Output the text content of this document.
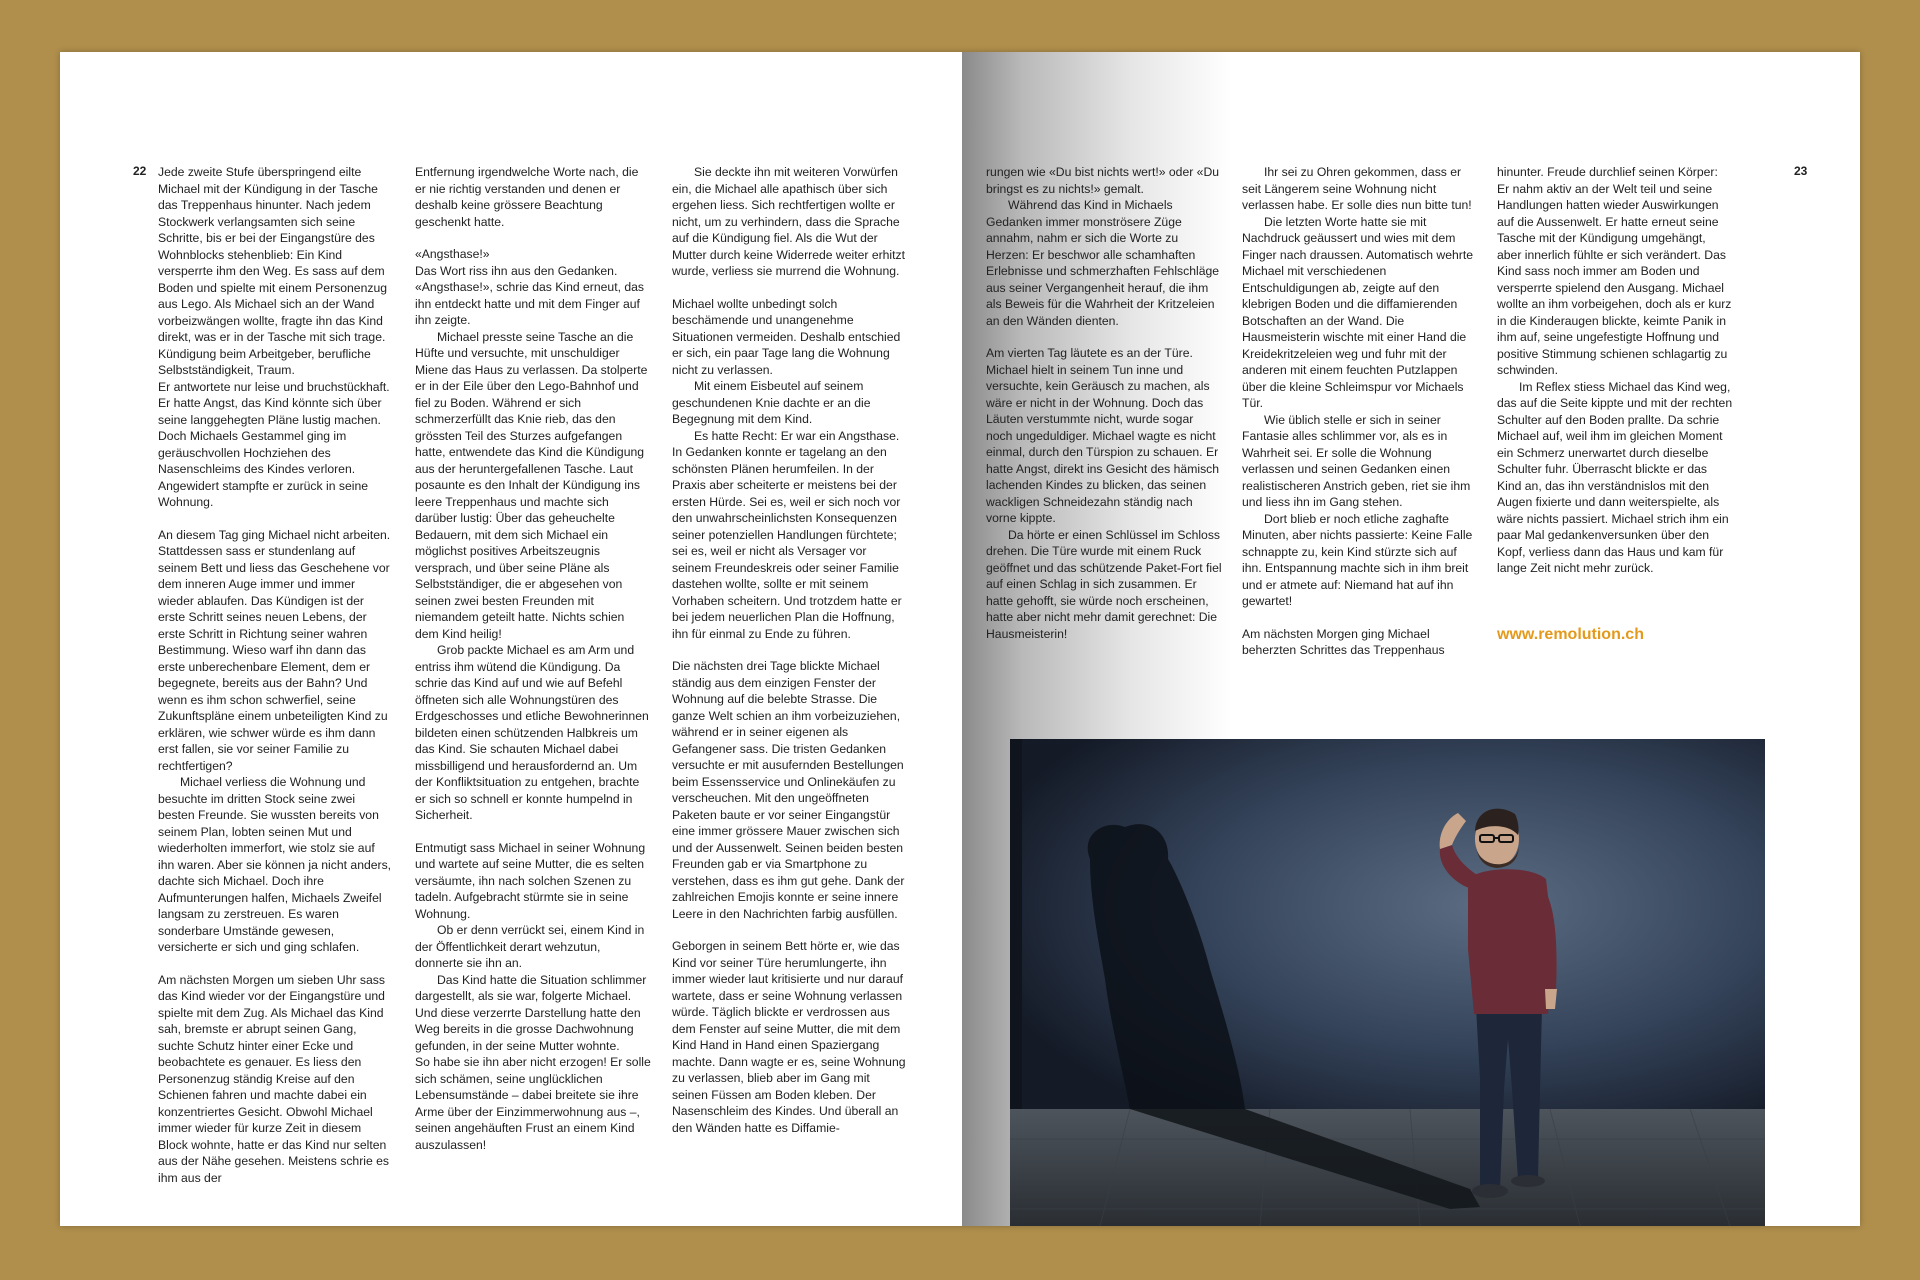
22 Jede zweite Stufe überspringend eilte Michael mit der Kündigung in der Tasche das Treppenhaus hinunter. Nach jedem Stockwerk verlangsamten sich seine Schritte, bis er bei der Eingangstüre des Wohnblocks stehenblieb: Ein Kind versperrte ihm den Weg. Es sass auf dem Boden und spielte mit einem Personenzug aus Lego. Als Michael sich an der Wand vorbeizwängen wollte, fragte ihn das Kind direkt, was er in der Tasche mit sich trage. Kündigung beim Arbeitgeber, berufliche Selbstständigkeit, Traum.

Er antwortete nur leise und bruchstückhaft. Er hatte Angst, das Kind könnte sich über seine langgehegten Pläne lustig machen. Doch Michaels Gestammel ging im geräuschvollen Hochziehen des Nasenschleims des Kindes verloren. Angewidert stampfte er zurück in seine Wohnung.

An diesem Tag ging Michael nicht arbeiten. Stattdessen sass er stundenlang auf seinem Bett und liess das Geschehene vor dem inneren Auge immer und immer wieder ablaufen. Das Kündigen ist der erste Schritt seines neuen Lebens, der erste Schritt in Richtung seiner wahren Bestimmung. Wieso warf ihn dann das erste unberechenbare Element, dem er begegnete, bereits aus der Bahn? Und wenn es ihm schon schwerfiel, seine Zukunftspläne einem unbeteiligten Kind zu erklären, wie schwer würde es ihm dann erst fallen, sie vor seiner Familie zu rechtfertigen?

Michael verliess die Wohnung und besuchte im dritten Stock seine zwei besten Freunde. Sie wussten bereits von seinem Plan, lobten seinen Mut und wiederholten immerfort, wie stolz sie auf ihn waren. Aber sie können ja nicht anders, dachte sich Michael. Doch ihre Aufmunterungen halfen, Michaels Zweifel langsam zu zerstreuen. Es waren sonderbare Umstände gewesen, versicherte er sich und ging schlafen.

Am nächsten Morgen um sieben Uhr sass das Kind wieder vor der Eingangstüre und spielte mit dem Zug. Als Michael das Kind sah, bremste er abrupt seinen Gang, suchte Schutz hinter einer Ecke und beobachtete es genauer. Es liess den Personenzug ständig Kreise auf den Schienen fahren und machte dabei ein konzentriertes Gesicht. Obwohl Michael immer wieder für kurze Zeit in diesem Block wohnte, hatte er das Kind nur selten aus der Nähe gesehen. Meistens schrie es ihm aus der

Entfernung irgendwelche Worte nach, die er nie richtig verstanden und denen er deshalb keine grössere Beachtung geschenkt hatte.

«Angsthase!»

Das Wort riss ihn aus den Gedanken. «Angsthase!», schrie das Kind erneut, das ihn entdeckt hatte und mit dem Finger auf ihn zeigte.

Michael presste seine Tasche an die Hüfte und versuchte, mit unschuldiger Miene das Haus zu verlassen. Da stolperte er in der Eile über den Lego-Bahnhof und fiel zu Boden. Während er sich schmerzerfüllt das Knie rieb, das den grössten Teil des Sturzes aufgefangen hatte, entwendete das Kind die Kündigung aus der heruntergefallenen Tasche. Laut posaunte es den Inhalt der Kündigung ins leere Treppenhaus und machte sich darüber lustig: Über das geheuchelte Bedauern, mit dem sich Michael ein möglichst positives Arbeitszeugnis versprach, und über seine Pläne als Selbstständiger, die er abgesehen von seinen zwei besten Freunden mit niemandem geteilt hatte. Nichts schien dem Kind heilig!

Grob packte Michael es am Arm und entriss ihm wütend die Kündigung. Da schrie das Kind auf und wie auf Befehl öffneten sich alle Wohnungstüren des Erdgeschosses und etliche Bewohnerinnen bildeten einen schützenden Halbkreis um das Kind. Sie schauten Michael dabei missbilligend und herausfordernd an. Um der Konfliktsituation zu entgehen, brachte er sich so schnell er konnte humpelnd in Sicherheit.

Entmutigt sass Michael in seiner Wohnung und wartete auf seine Mutter, die es selten versäumte, ihn nach solchen Szenen zu tadeln. Aufgebracht stürmte sie in seine Wohnung.

Ob er denn verrückt sei, einem Kind in der Öffentlichkeit derart wehzutun, donnerte sie ihn an.

Das Kind hatte die Situation schlimmer dargestellt, als sie war, folgerte Michael. Und diese verzerrte Darstellung hatte den Weg bereits in die grosse Dachwohnung gefunden, in der seine Mutter wohnte.

So habe sie ihn aber nicht erzogen! Er solle sich schämen, seine unglücklichen Lebensumstände – dabei breitete sie ihre Arme über der Einzimmerwohnung aus –, seinen angehäuften Frust an einem Kind auszulassen!

Sie deckte ihn mit weiteren Vorwürfen ein, die Michael alle apathisch über sich ergehen liess. Sich rechtfertigen wollte er nicht, um zu verhindern, dass die Sprache auf die Kündigung fiel. Als die Wut der Mutter durch keine Widerrede weiter erhitzt wurde, verliess sie murrend die Wohnung.

Michael wollte unbedingt solch beschämende und unangenehme Situationen vermeiden. Deshalb entschied er sich, ein paar Tage lang die Wohnung nicht zu verlassen.

Mit einem Eisbeutel auf seinem geschundenen Knie dachte er an die Begegnung mit dem Kind.

Es hatte Recht: Er war ein Angsthase. In Gedanken konnte er tagelang an den schönsten Plänen herumfeilen. In der Praxis aber scheiterte er meistens bei der ersten Hürde. Sei es, weil er sich noch vor den unwahrscheinlichsten Konsequenzen seiner potenziellen Handlungen fürchtete; sei es, weil er nicht als Versager vor seinem Freundeskreis oder seiner Familie dastehen wollte, sollte er mit seinem Vorhaben scheitern. Und trotzdem hatte er bei jedem neuerlichen Plan die Hoffnung, ihn für einmal zu Ende zu führen.

Die nächsten drei Tage blickte Michael ständig aus dem einzigen Fenster der Wohnung auf die belebte Strasse. Die ganze Welt schien an ihm vorbeizuziehen, während er in seiner eigenen als Gefangener sass. Die tristen Gedanken versuchte er mit ausufernden Bestellungen beim Essensservice und Onlinekäufen zu verscheuchen. Mit den ungeöffneten Paketen baute er vor seiner Eingangstür eine immer grössere Mauer zwischen sich und der Aussenwelt. Seinen beiden besten Freunden gab er via Smartphone zu verstehen, dass es ihm gut gehe. Dank der zahlreichen Emojis konnte er seine innere Leere in den Nachrichten farbig ausfüllen.

Geborgen in seinem Bett hörte er, wie das Kind vor seiner Türe herumlungerte, ihn immer wieder laut kritisierte und nur darauf wartete, dass er seine Wohnung verlassen würde. Täglich blickte er verdrossen aus dem Fenster auf seine Mutter, die mit dem Kind Hand in Hand einen Spaziergang machte. Dann wagte er es, seine Wohnung zu verlassen, blieb aber im Gang mit seinen Füssen am Boden kleben. Der Nasenschleim des Kindes. Und überall an den Wänden hatte es Diffamie-

rungen wie «Du bist nichts wert!» oder «Du bringst es zu nichts!» gemalt.

Während das Kind in Michaels Gedanken immer monströsere Züge annahm, nahm er sich die Worte zu Herzen: Er beschwor alle schamhaften Erlebnisse und schmerzhaften Fehlschläge aus seiner Vergangenheit herauf, die ihm als Beweis für die Wahrheit der Kritzeleien an den Wänden dienten.

Am vierten Tag läutete es an der Türe. Michael hielt in seinem Tun inne und versuchte, kein Geräusch zu machen, als wäre er nicht in der Wohnung. Doch das Läuten verstummte nicht, wurde sogar noch ungeduldiger. Michael wagte es nicht einmal, durch den Türspion zu schauen. Er hatte Angst, direkt ins Gesicht des hämisch lachenden Kindes zu blicken, das seinen wackligen Schneidezahn ständig nach vorne kippte.

Da hörte er einen Schlüssel im Schloss drehen. Die Türe wurde mit einem Ruck geöffnet und das schützende Paket-Fort fiel auf einen Schlag in sich zusammen. Er hatte gehofft, sie würde noch erscheinen, hatte aber nicht mehr damit gerechnet: Die Hausmeisterin!

Ihr sei zu Ohren gekommen, dass er seit Längerem seine Wohnung nicht verlassen habe. Er solle dies nun bitte tun!

Die letzten Worte hatte sie mit Nachdruck geäussert und wies mit dem Finger nach draussen. Automatisch wehrte Michael mit verschiedenen Entschuldigungen ab, zeigte auf den klebrigen Boden und die diffamierenden Botschaften an der Wand. Die Hausmeisterin wischte mit einer Hand die Kreidekritzeleien weg und fuhr mit der anderen mit einem feuchten Putzlappen über die kleine Schleimspur vor Michaels Tür.

Wie üblich stelle er sich in seiner Fantasie alles schlimmer vor, als es in Wahrheit sei. Er solle die Wohnung verlassen und seinen Gedanken einen realistischeren Anstrich geben, riet sie ihm und liess ihn im Gang stehen.

Dort blieb er noch etliche zaghafte Minuten, aber nichts passierte: Keine Falle schnappte zu, kein Kind stürzte sich auf ihn. Entspannung machte sich in ihm breit und er atmete auf: Niemand hat auf ihn gewartet!

Am nächsten Morgen ging Michael beherzten Schrittes das Treppenhaus

hinunter. Freude durchlief seinen Körper: Er nahm aktiv an der Welt teil und seine Handlungen hatten wieder Auswirkungen auf die Aussenwelt. Er hatte erneut seine Tasche mit der Kündigung umgehängt, aber innerlich fühlte er sich verändert. Das Kind sass noch immer am Boden und versperrte spielend den Ausgang. Michael wollte an ihm vorbeigehen, doch als er kurz in die Kinderaugen blickte, keimte Panik in ihm auf, seine ungefestigte Hoffnung und positive Stimmung schienen schlagartig zu schwinden.

Im Reflex stiess Michael das Kind weg, das auf die Seite kippte und mit der rechten Schulter auf den Boden prallte. Da schrie Michael auf, weil ihm im gleichen Moment ein Schmerz unerwartet durch dieselbe Schulter fuhr. Überrascht blickte er das Kind an, das ihn verständnislos mit den Augen fixierte und dann weiterspielte, als wäre nichts passiert. Michael strich ihm ein paar Mal gedankenversunken über den Kopf, verliess dann das Haus und kam für lange Zeit nicht mehr zurück.

23
www.remolution.ch
